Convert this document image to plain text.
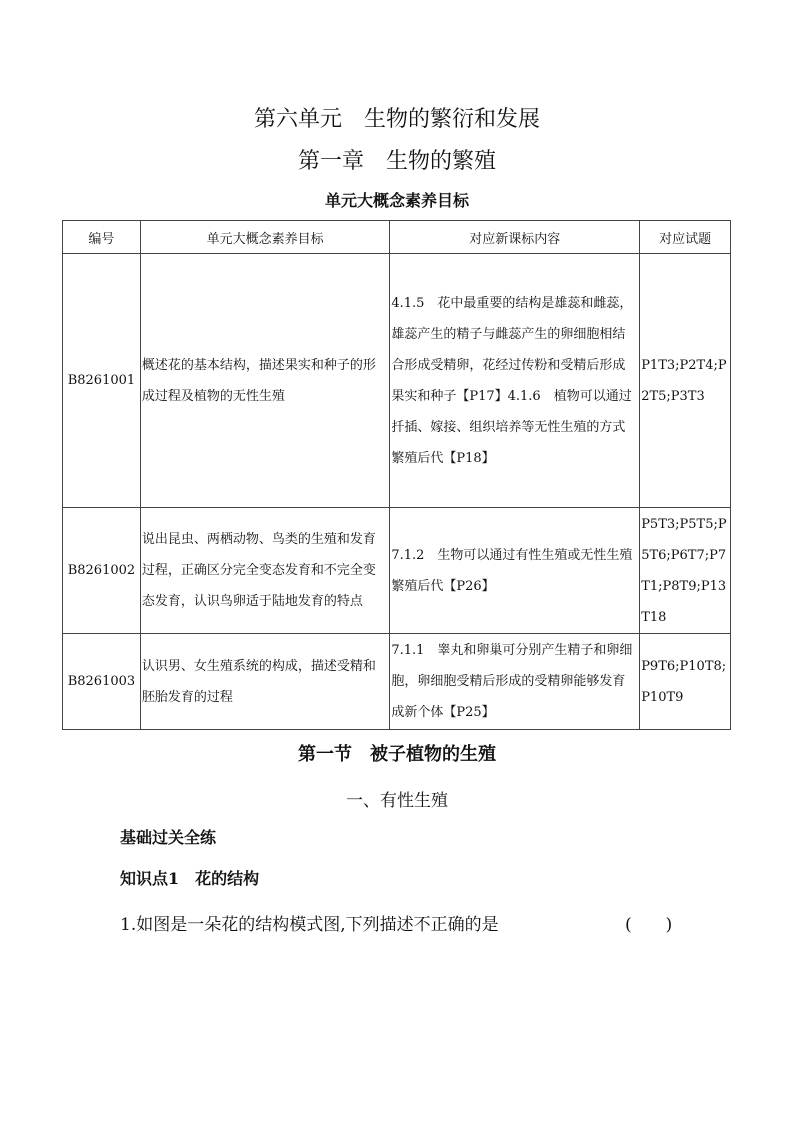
第六单元　生物的繁衍和发展
第一章　生物的繁殖
单元大概念素养目标
编号	单元大概念素养目标	对应新课标内容	对应试题
B8261001	概述花的基本结构，描述果实和种子的形成过程及植物的无性生殖	4.1.5　花中最重要的结构是雄蕊和雌蕊，雄蕊产生的精子与雌蕊产生的卵细胞相结合形成受精卵，花经过传粉和受精后形成果实和种子【P17】4.1.6　植物可以通过扦插、嫁接、组织培养等无性生殖的方式繁殖后代【P18】	P1T3;P2T4;P2T5;P3T3

B8261002	说出昆虫、两栖动物、鸟类的生殖和发育过程，正确区分完全变态发育和不完全变态发育，认识鸟卵适于陆地发育的特点	7.1.2　生物可以通过有性生殖或无性生殖繁殖后代【P26】	P5T3;P5T5;P5T6;P6T7;P7T1;P8T9;P13T18

B8261003	认识男、女生殖系统的构成，描述受精和胚胎发育的过程	7.1.1　睾丸和卵巢可分别产生精子和卵细胞，卵细胞受精后形成的受精卵能够发育成新个体【P25】	P9T6;P10T8;P10T9
第一节　被子植物的生殖
一、有性生殖
基础过关全练
知识点1　花的结构
1.如图是一朵花的结构模式图,下列描述不正确的是	(　　)
